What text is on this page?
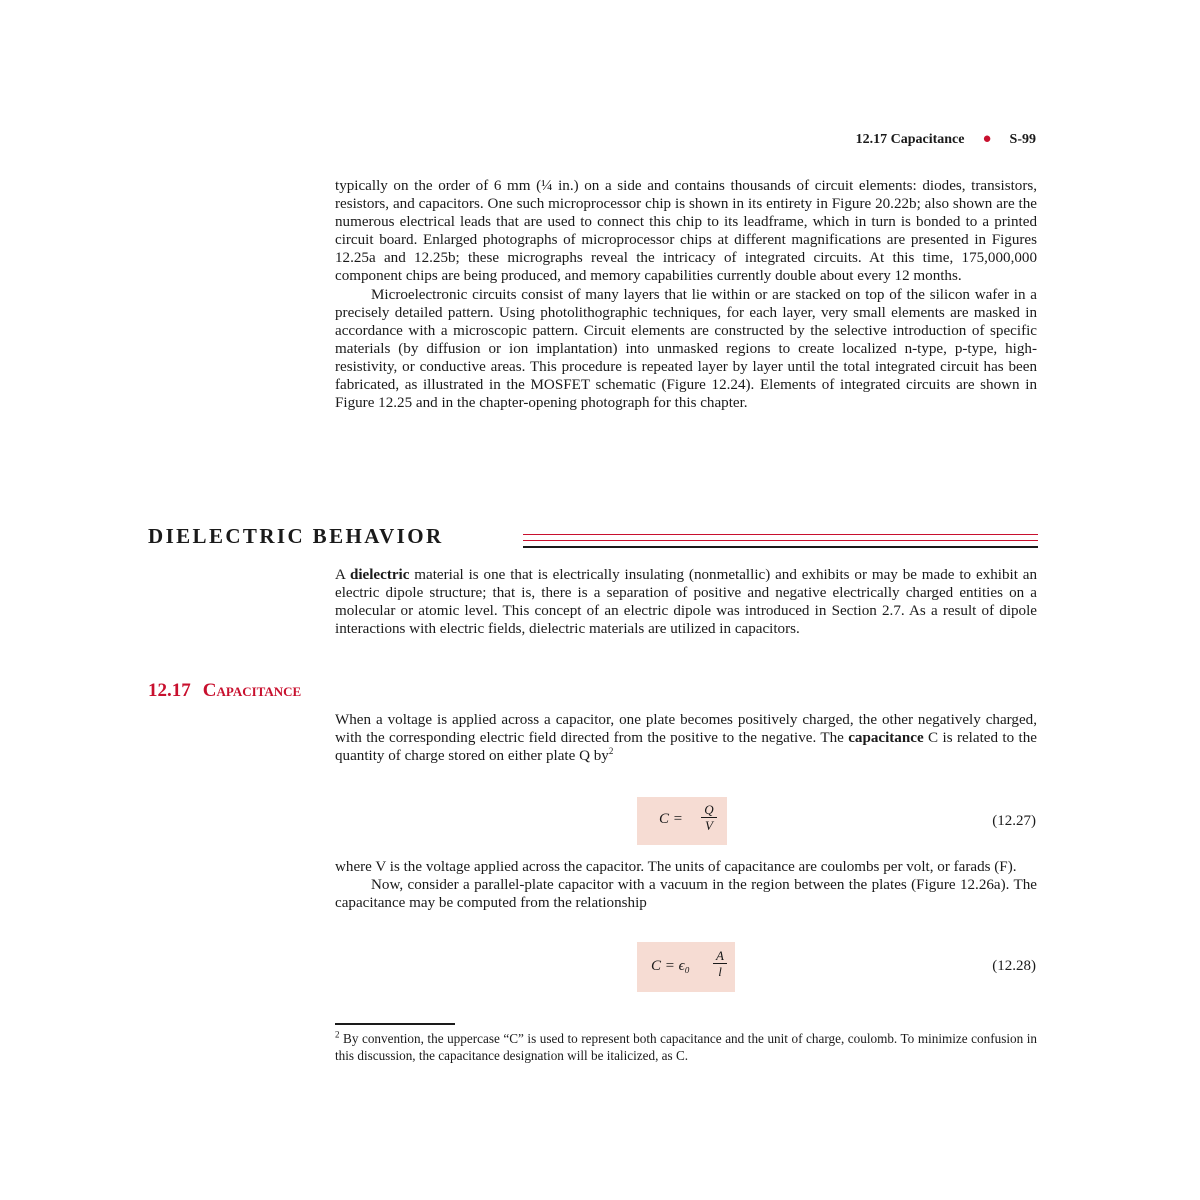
12.17 Capacitance ● S-99

typically on the order of 6 mm (¼ in.) on a side and contains thousands of circuit elements: diodes, transistors, resistors, and capacitors. One such microprocessor chip is shown in its entirety in Figure 20.22b; also shown are the numerous electrical leads that are used to connect this chip to its leadframe, which in turn is bonded to a printed circuit board. Enlarged photographs of microprocessor chips at different magnifications are presented in Figures 12.25a and 12.25b; these micrographs reveal the intricacy of integrated circuits. At this time, 175,000,000 component chips are being produced, and memory capabilities currently double about every 12 months.

Microelectronic circuits consist of many layers that lie within or are stacked on top of the silicon wafer in a precisely detailed pattern. Using photolithographic techniques, for each layer, very small elements are masked in accordance with a microscopic pattern. Circuit elements are constructed by the selective introduction of specific materials (by diffusion or ion implantation) into unmasked regions to create localized n-type, p-type, high-resistivity, or conductive areas. This procedure is repeated layer by layer until the total integrated circuit has been fabricated, as illustrated in the MOSFET schematic (Figure 12.24). Elements of integrated circuits are shown in Figure 12.25 and in the chapter-opening photograph for this chapter.

DIELECTRIC BEHAVIOR

A dielectric material is one that is electrically insulating (nonmetallic) and exhibits or may be made to exhibit an electric dipole structure; that is, there is a separation of positive and negative electrically charged entities on a molecular or atomic level. This concept of an electric dipole was introduced in Section 2.7. As a result of dipole interactions with electric fields, dielectric materials are utilized in capacitors.

12.17 Capacitance

When a voltage is applied across a capacitor, one plate becomes positively charged, the other negatively charged, with the corresponding electric field directed from the positive to the negative. The capacitance C is related to the quantity of charge stored on either plate Q $by^2$

C =
Q
V	(12.27)

where V is the voltage applied across the capacitor. The units of capacitance are coulombs per volt, or farads (F).

Now, consider a parallel-plate capacitor with a vacuum in the region between the plates (Figure 12.26a). The capacitance may be computed from the relationship

C = ϵ₀
A
l	(12.28)

$^2$ By convention, the uppercase “C” is used to represent both capacitance and the unit of charge, coulomb. To minimize confusion in this discussion, the capacitance designation will be italicized, as C.
